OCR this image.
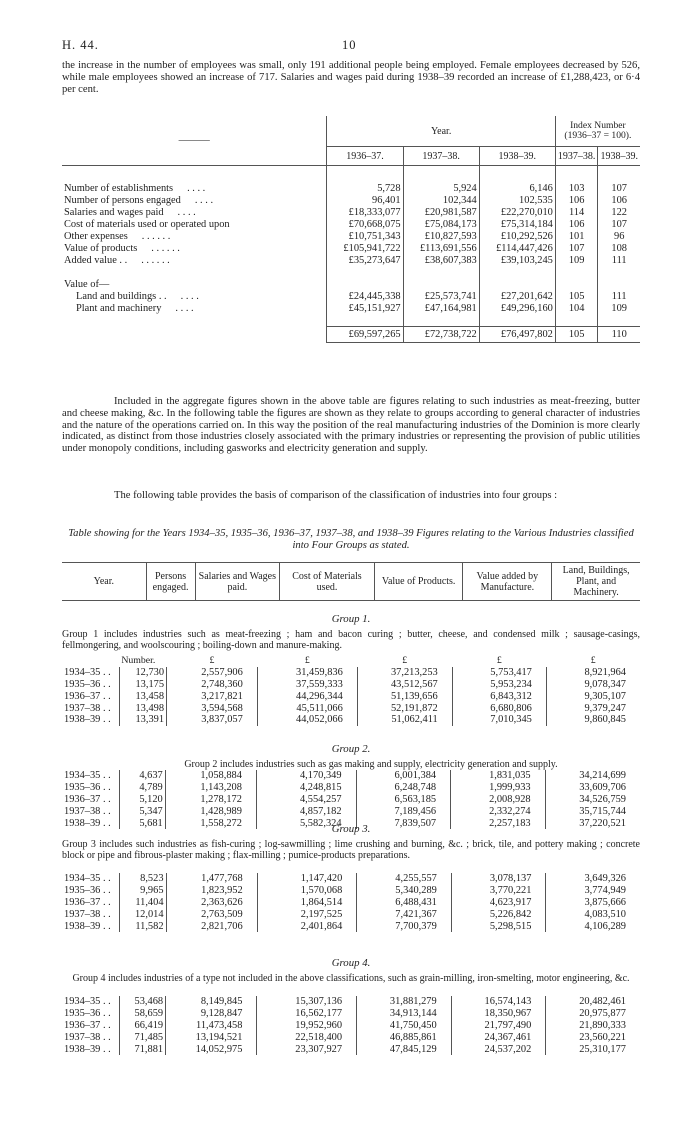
H. 44.	10

the increase in the number of employees was small, only 191 additional people being employed. Female employees decreased by 526, while male employees showed an increase of 717. Salaries and wages paid during 1938–39 recorded an increase of £1,288,423, or 6·4 per cent.

———	Year.			Index Number (1936–37 = 100).	
	1936–37.	1937–38.	1938–39.	1937–38.	1938–39.

Number of establishments . . . .	5,728	5,924	6,146	103	107
Number of persons engaged . . . .	96,401	102,344	102,535	106	106
Salaries and wages paid . . . .	£18,333,077	£20,981,587	£22,270,010	114	122
Cost of materials used or operated upon	£70,668,075	£75,084,173	£75,314,184	106	107
Other expenses . . . . . .	£10,751,343	£10,827,593	£10,292,526	101	96
Value of products . . . . . .	£105,941,722	£113,691,556	£114,447,426	107	108
Added value . . . . . . . .	£35,273,647	£38,607,383	£39,103,245	109	111

Value of—					
Land and buildings . . . . . .	£24,445,338	£25,573,741	£27,201,642	105	111
Plant and machinery . . . .	£45,151,927	£47,164,981	£49,296,160	104	109

	£69,597,265	£72,738,722	£76,497,802	105	110

Included in the aggregate figures shown in the above table are figures relating to such industries as meat-freezing, butter and cheese making, &c. In the following table the figures are shown as they relate to groups according to general character of industries and the nature of the operations carried on. In this way the position of the real manufacturing industries of the Dominion is more clearly indicated, as distinct from those industries closely associated with the primary industries or representing the provision of public utilities under monopoly conditions, including gasworks and electricity generation and supply.

The following table provides the basis of comparison of the classification of industries into four groups :

Table showing for the Years 1934–35, 1935–36, 1936–37, 1937–38, and 1938–39 Figures relating to the Various Industries classified into Four Groups as stated.

Year.	Persons engaged.	Salaries and Wages paid.	Cost of Materials used.	Value of Products.	Value added by Manufacture.	Land, Buildings, Plant, and Machinery.
Group 1.

Group 1 includes industries such as meat-freezing ; ham and bacon curing ; butter, cheese, and condensed milk ; sausage-casings, fellmongering, and woolscouring ; boiling-down and manure-making.

	Number.	£	£	£	£	£
1934–35 . .	12,730	2,557,906	31,459,836	37,213,253	5,753,417	8,921,964
1935–36 . .	13,175	2,748,360	37,559,333	43,512,567	5,953,234	9,078,347
1936–37 . .	13,458	3,217,821	44,296,344	51,139,656	6,843,312	9,305,107
1937–38 . .	13,498	3,594,568	45,511,066	52,191,872	6,680,806	9,379,247
1938–39 . .	13,391	3,837,057	44,052,066	51,062,411	7,010,345	9,860,845
Group 2.

Group 2 includes industries such as gas making and supply, electricity generation and supply.

1934–35 . .	4,637	1,058,884	4,170,349	6,001,384	1,831,035	34,214,699
1935–36 . .	4,789	1,143,208	4,248,815	6,248,748	1,999,933	33,609,706
1936–37 . .	5,120	1,278,172	4,554,257	6,563,185	2,008,928	34,526,759
1937–38 . .	5,347	1,428,989	4,857,182	7,189,456	2,332,274	35,715,744
1938–39 . .	5,681	1,558,272	5,582,324	7,839,507	2,257,183	37,220,521
Group 3.

Group 3 includes such industries as fish-curing ; log-sawmilling ; lime crushing and burning, &c. ; brick, tile, and pottery making ; concrete block or pipe and fibrous-plaster making ; flax-milling ; pumice-products preparations.

1934–35 . .	8,523	1,477,768	1,147,420	4,255,557	3,078,137	3,649,326
1935–36 . .	9,965	1,823,952	1,570,068	5,340,289	3,770,221	3,774,949
1936–37 . .	11,404	2,363,626	1,864,514	6,488,431	4,623,917	3,875,666
1937–38 . .	12,014	2,763,509	2,197,525	7,421,367	5,226,842	4,083,510
1938–39 . .	11,582	2,821,706	2,401,864	7,700,379	5,298,515	4,106,289
Group 4.

Group 4 includes industries of a type not included in the above classifications, such as grain-milling, iron-smelting, motor engineering, &c.

1934–35 . .	53,468	8,149,845	15,307,136	31,881,279	16,574,143	20,482,461
1935–36 . .	58,659	9,128,847	16,562,177	34,913,144	18,350,967	20,975,877
1936–37 . .	66,419	11,473,458	19,952,960	41,750,450	21,797,490	21,890,333
1937–38 . .	71,485	13,194,521	22,518,400	46,885,861	24,367,461	23,560,221
1938–39 . .	71,881	14,052,975	23,307,927	47,845,129	24,537,202	25,310,177
